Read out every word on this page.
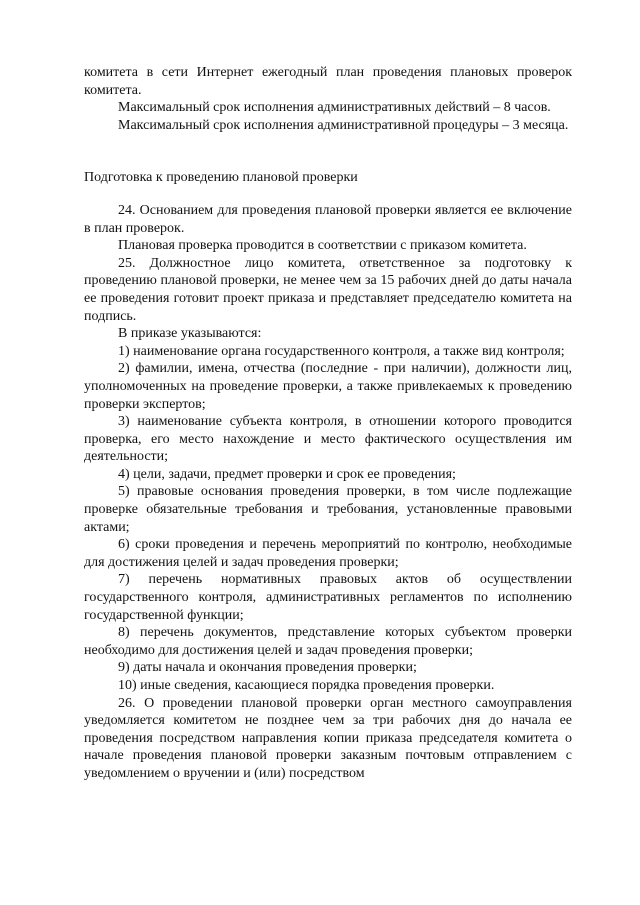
комитета в сети Интернет ежегодный план проведения плановых проверок комитета.

Максимальный срок исполнения административных действий – 8 часов.

Максимальный срок исполнения административной процедуры – 3 месяца.

Подготовка к проведению плановой проверки

24. Основанием для проведения плановой проверки является ее включение в план проверок.

Плановая проверка проводится в соответствии с приказом комитета.

25. Должностное лицо комитета, ответственное за подготовку к проведению плановой проверки, не менее чем за 15 рабочих дней до даты начала ее проведения готовит проект приказа и представляет председателю комитета на подпись.

В приказе указываются:

1) наименование органа государственного контроля, а также вид контроля;

2) фамилии, имена, отчества (последние - при наличии), должности лиц, уполномоченных на проведение проверки, а также привлекаемых к проведению проверки экспертов;

3) наименование субъекта контроля, в отношении которого проводится проверка, его место нахождение и место фактического осуществления им деятельности;

4) цели, задачи, предмет проверки и срок ее проведения;

5) правовые основания проведения проверки, в том числе подлежащие проверке обязательные требования и требования, установленные правовыми актами;

6) сроки проведения и перечень мероприятий по контролю, необходимые для достижения целей и задач проведения проверки;

7) перечень нормативных правовых актов об осуществлении государственного контроля, административных регламентов по исполнению государственной функции;

8) перечень документов, представление которых субъектом проверки необходимо для достижения целей и задач проведения проверки;

9) даты начала и окончания проведения проверки;

10) иные сведения, касающиеся порядка проведения проверки.

26. О проведении плановой проверки орган местного самоуправления уведомляется комитетом не позднее чем за три рабочих дня до начала ее проведения посредством направления копии приказа председателя комитета о начале проведения плановой проверки заказным почтовым отправлением с уведомлением о вручении и (или) посредством
